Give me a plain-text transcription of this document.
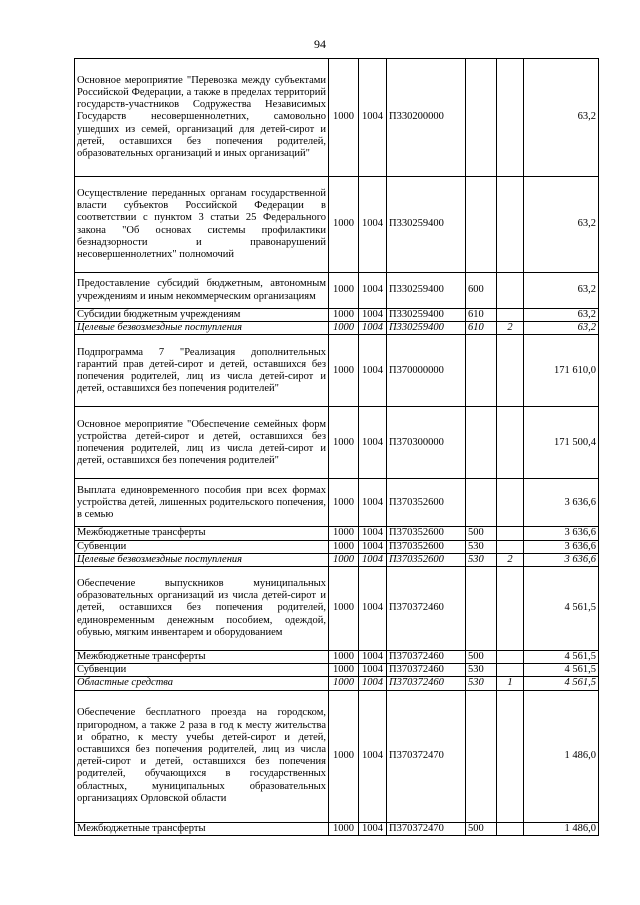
94
Основное мероприятие "Перевозка между субъектами Российской Федерации, а также в пределах территорий государств-участников Содружества Независимых Государств несовершеннолетних, самовольно ушедших из семей, организаций для детей-сирот и детей, оставшихся без попечения родителей, образовательных организаций и иных организаций"	1000	1004	П330200000			63,2
Осуществление переданных органам государственной власти субъектов Российской Федерации в соответствии с пунктом 3 статьи 25 Федерального закона "Об основах системы профилактики безнадзорности и правонарушений несовершеннолетних" полномочий	1000	1004	П330259400			63,2
Предоставление субсидий бюджетным, автономным учреждениям и иным некоммерческим организациям	1000	1004	П330259400	600		63,2
Субсидии бюджетным учреждениям	1000	1004	П330259400	610		63,2
Целевые безвозмездные поступления	1000	1004	П330259400	610	2	63,2
Подпрограмма 7 "Реализация дополнительных гарантий прав детей-сирот и детей, оставшихся без попечения родителей, лиц из числа детей-сирот и детей, оставшихся без попечения родителей"	1000	1004	П370000000			171 610,0
Основное мероприятие "Обеспечение семейных форм устройства детей-сирот и детей, оставшихся без попечения родителей, лиц из числа детей-сирот и детей, оставшихся без попечения родителей"	1000	1004	П370300000			171 500,4
Выплата единовременного пособия при всех формах устройства детей, лишенных родительского попечения, в семью	1000	1004	П370352600			3 636,6
Межбюджетные трансферты	1000	1004	П370352600	500		3 636,6
Субвенции	1000	1004	П370352600	530		3 636,6
Целевые безвозмездные поступления	1000	1004	П370352600	530	2	3 636,6
Обеспечение выпускников муниципальных образовательных организаций из числа детей-сирот и детей, оставшихся без попечения родителей, единовременным денежным пособием, одеждой, обувью, мягким инвентарем и оборудованием	1000	1004	П370372460			4 561,5
Межбюджетные трансферты	1000	1004	П370372460	500		4 561,5
Субвенции	1000	1004	П370372460	530		4 561,5
Областные средства	1000	1004	П370372460	530	1	4 561,5
Обеспечение бесплатного проезда на городском, пригородном, а также 2 раза в год к месту жительства и обратно, к месту учебы детей-сирот и детей, оставшихся без попечения родителей, лиц из числа детей-сирот и детей, оставшихся без попечения родителей, обучающихся в государственных областных, муниципальных образовательных организациях Орловской области	1000	1004	П370372470			1 486,0
Межбюджетные трансферты	1000	1004	П370372470	500		1 486,0
